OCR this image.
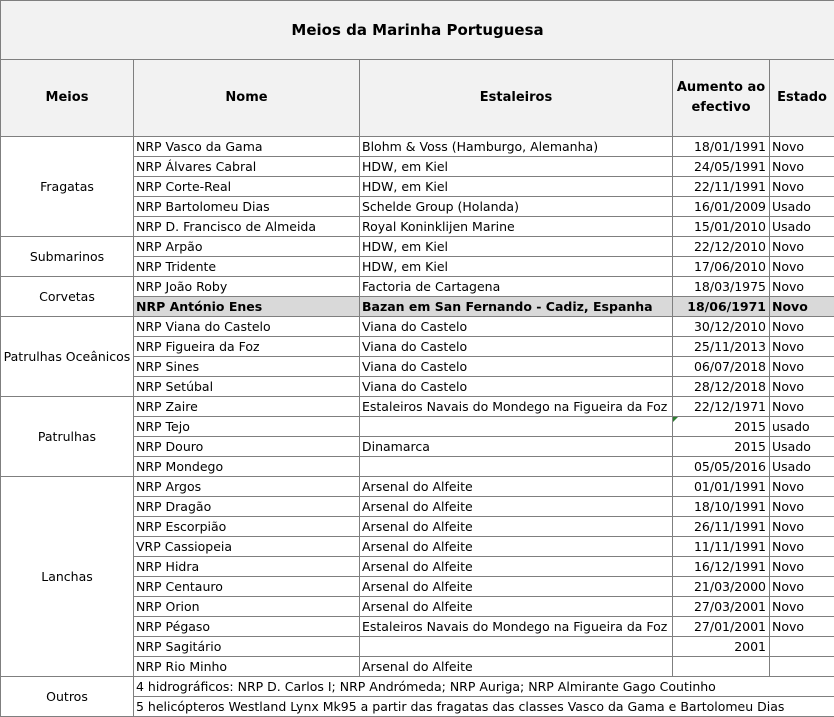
Meios da Marinha Portuguesa				
Meios	Nome	Estaleiros	Aumento ao efectivo	Estado
Fragatas	NRP Vasco da Gama	Blohm & Voss (Hamburgo, Alemanha)	18/01/1991	Novo
	NRP Álvares Cabral	HDW, em Kiel	24/05/1991	Novo
	NRP Corte-Real	HDW, em Kiel	22/11/1991	Novo
	NRP Bartolomeu Dias	Schelde Group (Holanda)	16/01/2009	Usado
	NRP D. Francisco de Almeida	Royal Koninklijen Marine	15/01/2010	Usado
Submarinos	NRP Arpão	HDW, em Kiel	22/12/2010	Novo
	NRP Tridente	HDW, em Kiel	17/06/2010	Novo
Corvetas	NRP João Roby	Factoria de Cartagena	18/03/1975	Novo
	NRP António Enes	Bazan em San Fernando - Cadiz, Espanha	18/06/1971	Novo
Patrulhas Oceânicos	NRP Viana do Castelo	Viana do Castelo	30/12/2010	Novo
	NRP Figueira da Foz	Viana do Castelo	25/11/2013	Novo
	NRP Sines	Viana do Castelo	06/07/2018	Novo
	NRP Setúbal	Viana do Castelo	28/12/2018	Novo
Patrulhas	NRP Zaire	Estaleiros Navais do Mondego na Figueira da Foz	22/12/1971	Novo
	NRP Tejo		2015	usado
	NRP Douro	Dinamarca	2015	Usado
	NRP Mondego		05/05/2016	Usado
Lanchas	NRP Argos	Arsenal do Alfeite	01/01/1991	Novo
	NRP Dragão	Arsenal do Alfeite	18/10/1991	Novo
	NRP Escorpião	Arsenal do Alfeite	26/11/1991	Novo
	VRP Cassiopeia	Arsenal do Alfeite	11/11/1991	Novo
	NRP Hidra	Arsenal do Alfeite	16/12/1991	Novo
	NRP Centauro	Arsenal do Alfeite	21/03/2000	Novo
	NRP Orion	Arsenal do Alfeite	27/03/2001	Novo
	NRP Pégaso	Estaleiros Navais do Mondego na Figueira da Foz	27/01/2001	Novo
	NRP Sagitário		2001	
	NRP Rio Minho	Arsenal do Alfeite		
Outros	4 hidrográficos: NRP D. Carlos I; NRP Andrómeda; NRP Auriga; NRP Almirante Gago Coutinho			
	5 helicópteros Westland Lynx Mk95 a partir das fragatas das classes Vasco da Gama e Bartolomeu Dias			
